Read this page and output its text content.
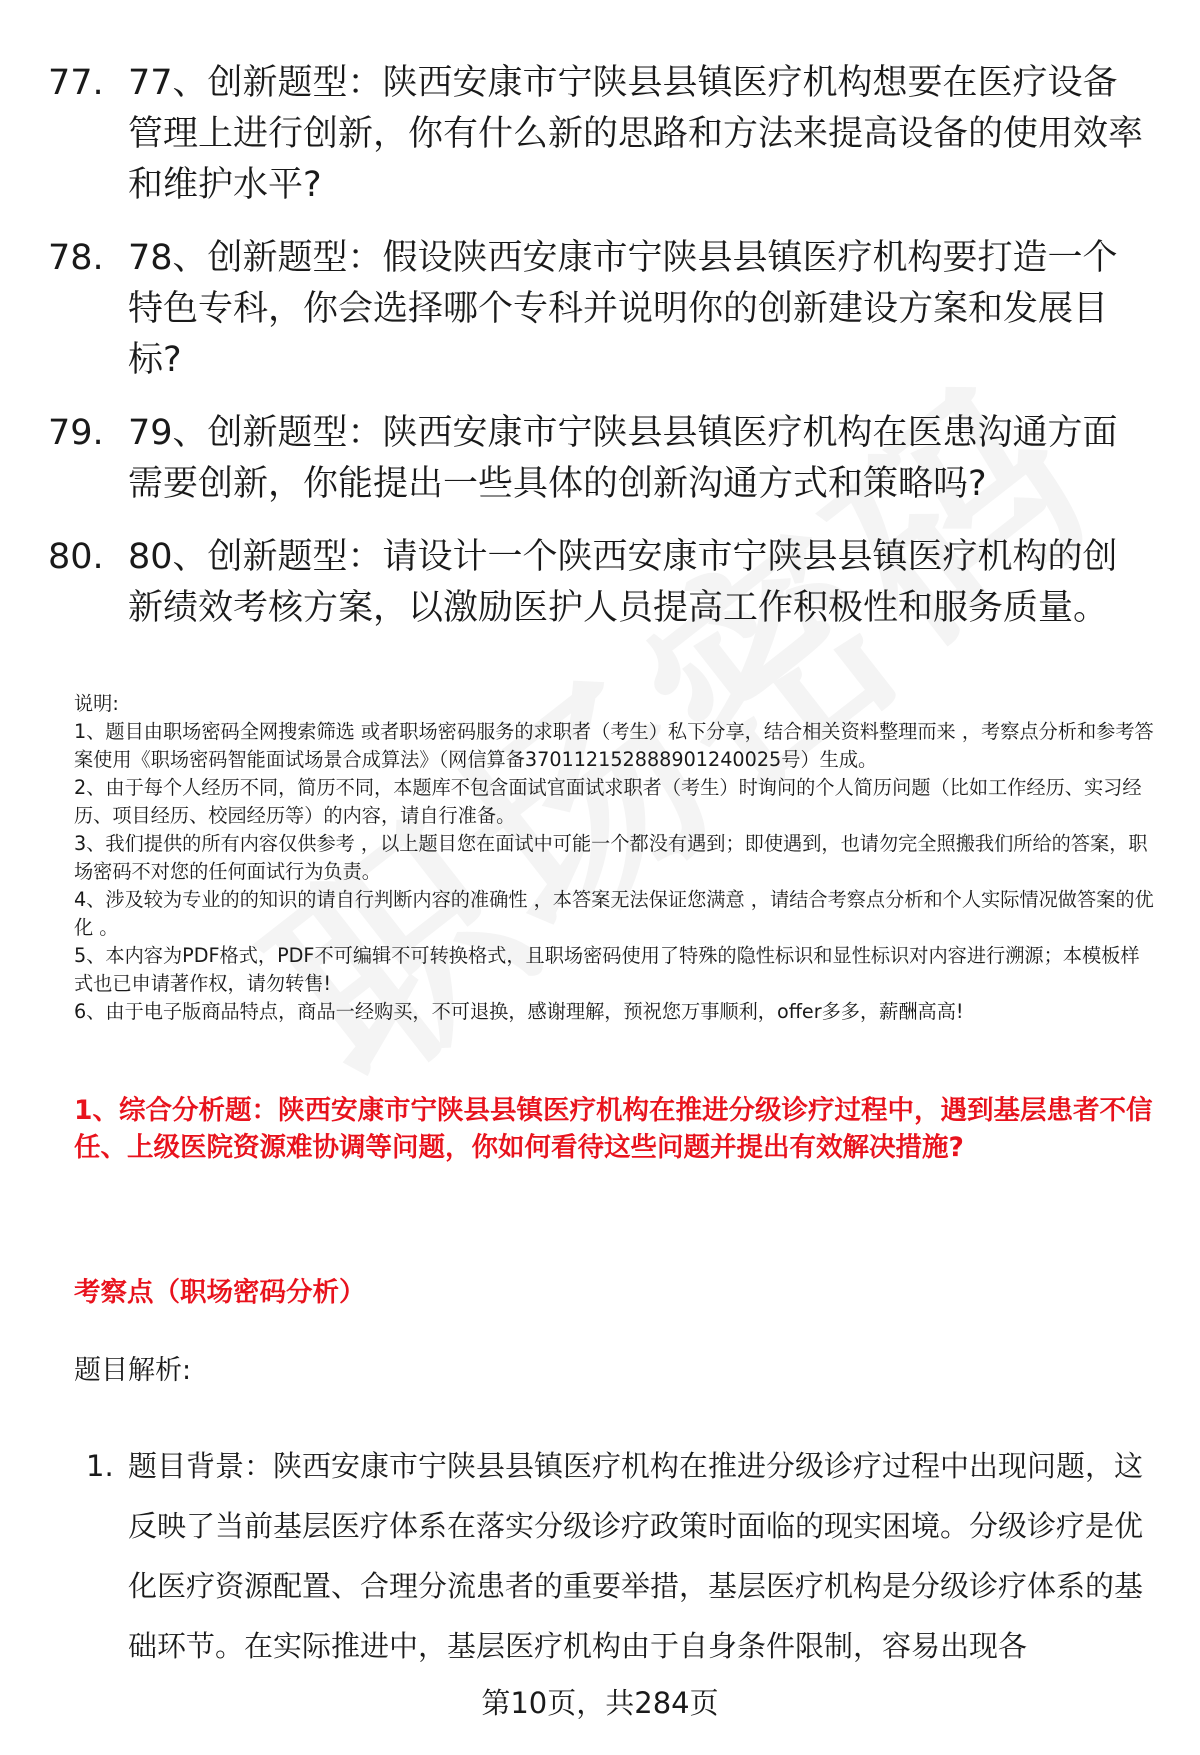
77. 77、创新题型：陕西安康市宁陕县县镇医疗机构想要在医疗设备管理上进行创新，你有什么新的思路和方法来提高设备的使用效率和维护水平?
78. 78、创新题型：假设陕西安康市宁陕县县镇医疗机构要打造一个特色专科，你会选择哪个专科并说明你的创新建设方案和发展目标?
79. 79、创新题型：陕西安康市宁陕县县镇医疗机构在医患沟通方面需要创新，你能提出一些具体的创新沟通方式和策略吗?
80. 80、创新题型：请设计一个陕西安康市宁陕县县镇医疗机构的创新绩效考核方案，以激励医护人员提高工作积极性和服务质量。

说明:

1、题目由职场密码全网搜索筛选 或者职场密码服务的求职者（考生）私下分享，结合相关资料整理而来 ，考察点分析和参考答案使用《职场密码智能面试场景合成算法》（网信算备370112152888901240025号）生成。

2、由于每个人经历不同，简历不同，本题库不包含面试官面试求职者（考生）时询问的个人简历问题（比如工作经历、实习经历、项目经历、校园经历等）的内容，请自行准备。

3、我们提供的所有内容仅供参考 ，以上题目您在面试中可能一个都没有遇到；即使遇到，也请勿完全照搬我们所给的答案，职场密码不对您的任何面试行为负责。

4、涉及较为专业的的知识的请自行判断内容的准确性 ，本答案无法保证您满意 ，请结合考察点分析和个人实际情况做答案的优化 。

5、本内容为PDF格式，PDF不可编辑不可转换格式，且职场密码使用了特殊的隐性标识和显性标识对内容进行溯源；本模板样式也已申请著作权，请勿转售!

6、由于电子版商品特点，商品一经购买，不可退换，感谢理解，预祝您万事顺利，offer多多，薪酬高高!

1、综合分析题：陕西安康市宁陕县县镇医疗机构在推进分级诊疗过程中，遇到基层患者不信任、上级医院资源难协调等问题，你如何看待这些问题并提出有效解决措施?
考察点（职场密码分析）
题目解析:
1. 题目背景：陕西安康市宁陕县县镇医疗机构在推进分级诊疗过程中出现问题，这反映了当前基层医疗体系在落实分级诊疗政策时面临的现实困境。分级诊疗是优化医疗资源配置、合理分流患者的重要举措，基层医疗机构是分级诊疗体系的基础环节。在实际推进中，基层医疗机构由于自身条件限制，容易出现各
第10页，共284页
